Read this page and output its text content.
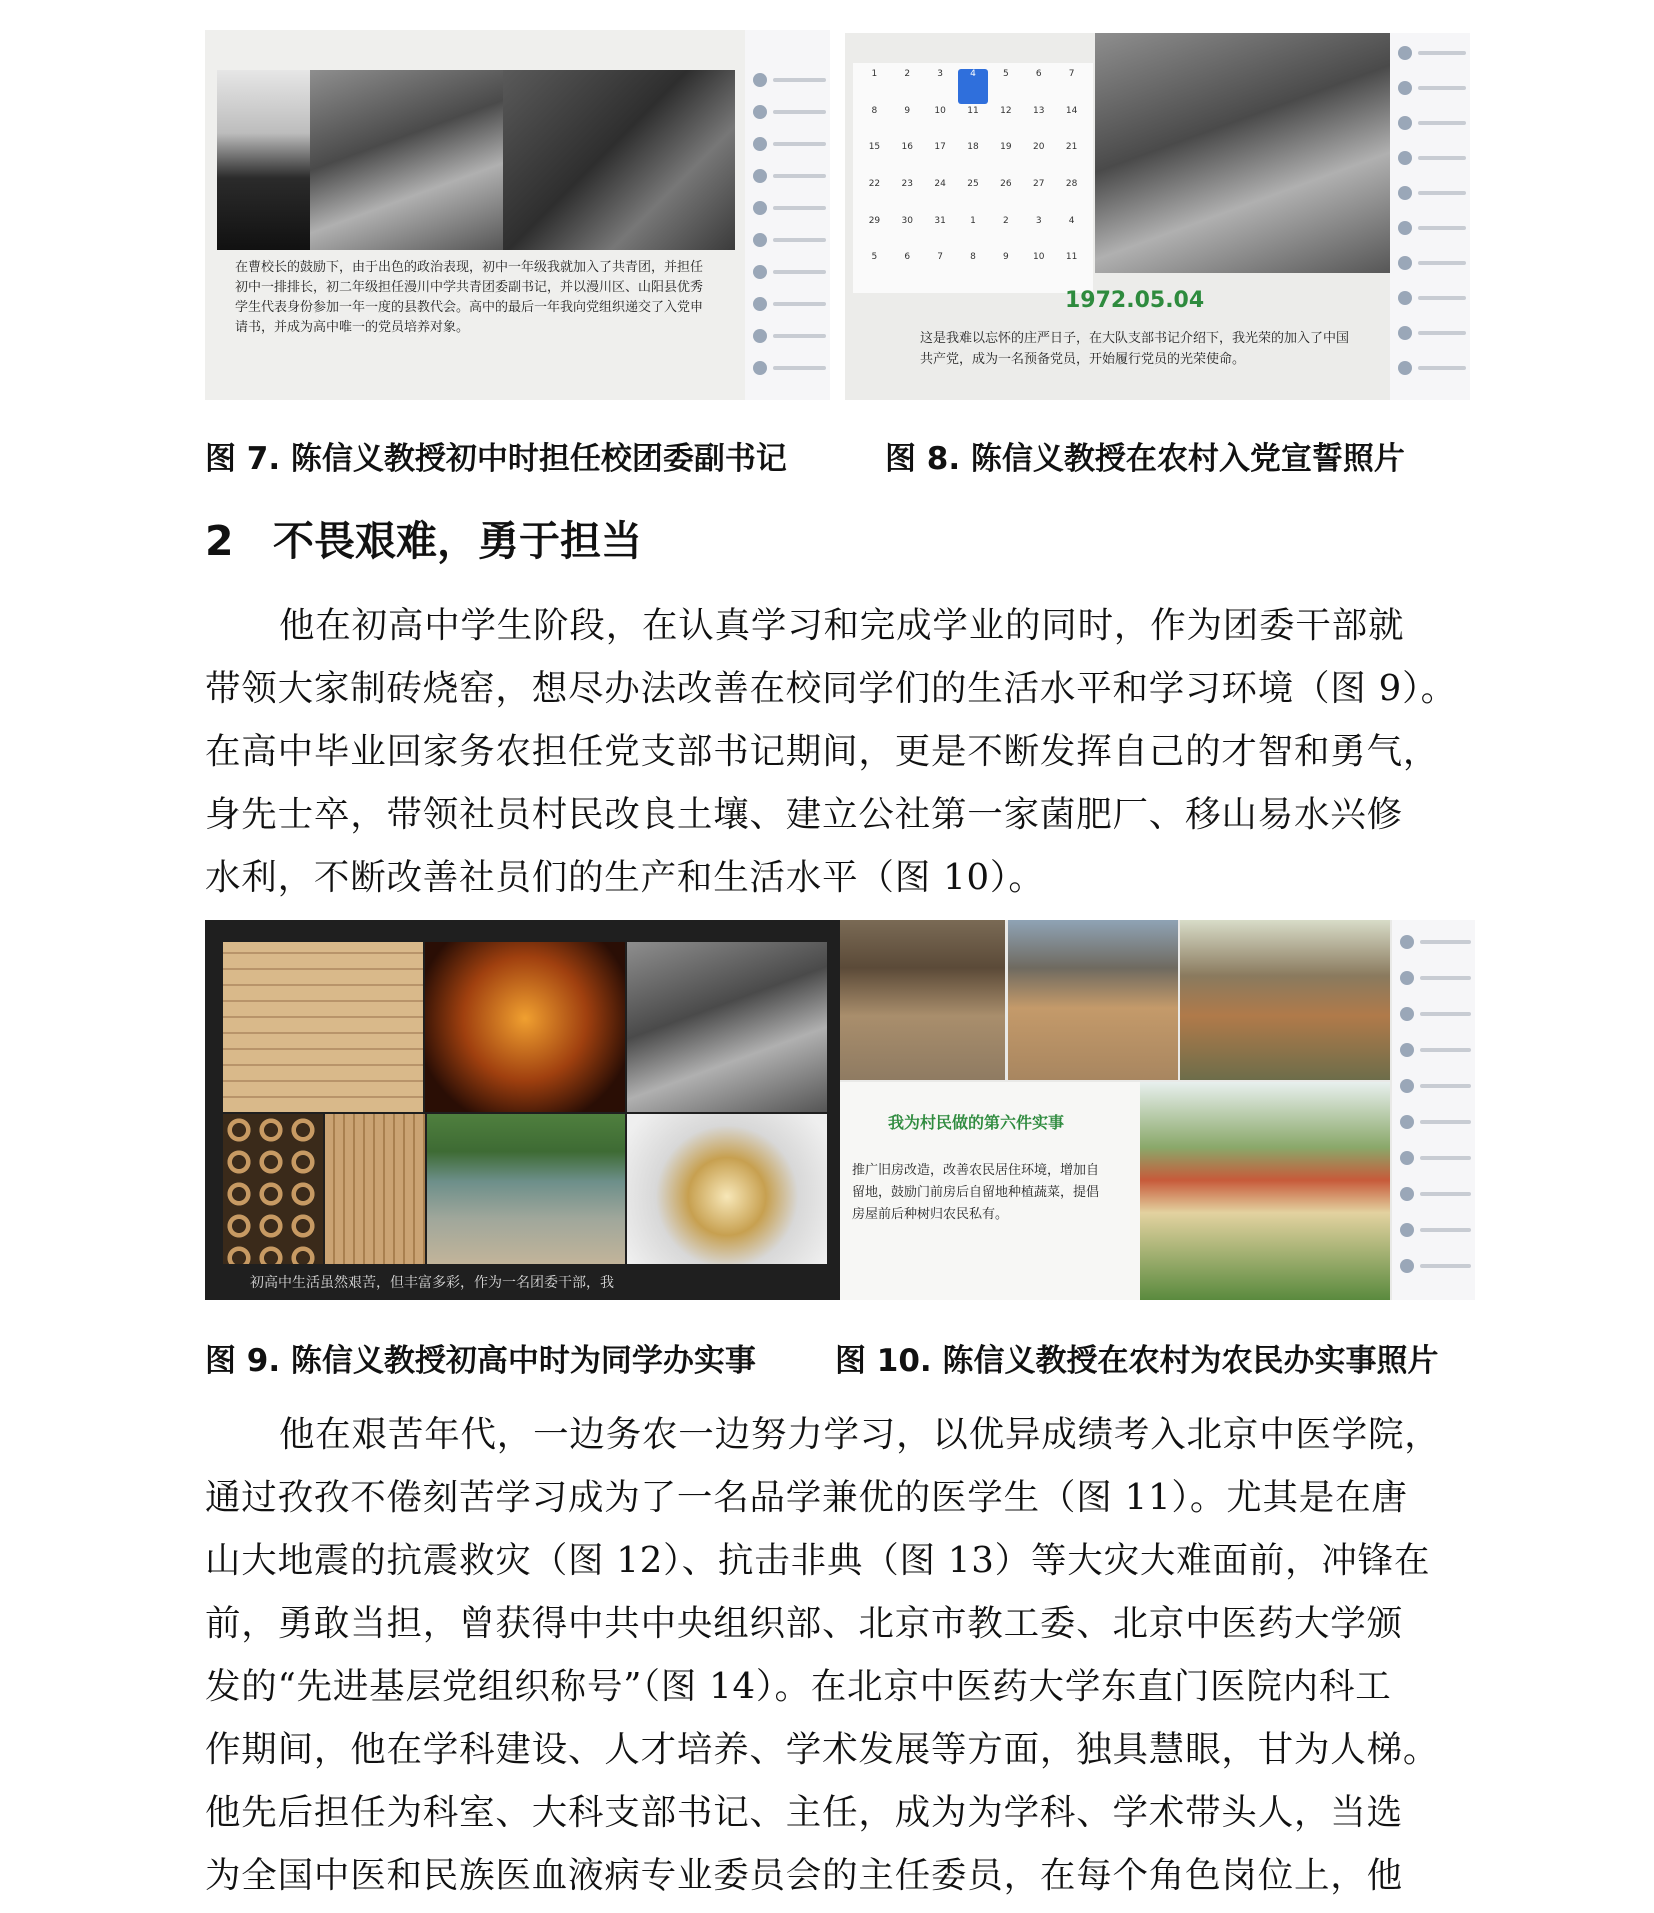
在曹校长的鼓励下，由于出色的政治表现，初中一年级我就加入了共青团，并担任初中一排排长，初二年级担任漫川中学共青团委副书记，并以漫川区、山阳县优秀学生代表身份参加一年一度的县教代会。高中的最后一年我向党组织递交了入党申请书，并成为高中唯一的党员培养对象。
1	2	3	4	5	6	7
8	9	10	11	12	13	14
15	16	17	18	19	20	21
22	23	24	25	26	27	28
29	30	31	1	2	3	4
5	6	7	8	9	10	11
1972.05.04
这是我难以忘怀的庄严日子，在大队支部书记介绍下，我光荣的加入了中国共产党，成为一名预备党员，开始履行党员的光荣使命。
图 7. 陈信义教授初中时担任校团委副书记	图 8. 陈信义教授在农村入党宣誓照片
2 不畏艰难，勇于担当
他在初高中学生阶段，在认真学习和完成学业的同时，作为团委干部就
带领大家制砖烧窑，想尽办法改善在校同学们的生活水平和学习环境（图 9）。
在高中毕业回家务农担任党支部书记期间，更是不断发挥自己的才智和勇气，
身先士卒，带领社员村民改良土壤、建立公社第一家菌肥厂、移山易水兴修
水利，不断改善社员们的生产和生活水平（图 10）。
初高中生活虽然艰苦，但丰富多彩，作为一名团委干部，我
我为村民做的第六件实事
推广旧房改造，改善农民居住环境，增加自留地，鼓励门前房后自留地种植蔬菜，提倡房屋前后种树归农民私有。
图 9. 陈信义教授初高中时为同学办实事	图 10. 陈信义教授在农村为农民办实事照片
他在艰苦年代，一边务农一边努力学习，以优异成绩考入北京中医学院，
通过孜孜不倦刻苦学习成为了一名品学兼优的医学生（图 11）。尤其是在唐
山大地震的抗震救灾（图 12）、抗击非典（图 13）等大灾大难面前，冲锋在
前，勇敢当担，曾获得中共中央组织部、北京市教工委、北京中医药大学颁
发的“先进基层党组织称号”（图 14）。在北京中医药大学东直门医院内科工
作期间，他在学科建设、人才培养、学术发展等方面，独具慧眼，甘为人梯。
他先后担任为科室、大科支部书记、主任，成为为学科、学术带头人，当选
为全国中医和民族医血液病专业委员会的主任委员，在每个角色岗位上，他
